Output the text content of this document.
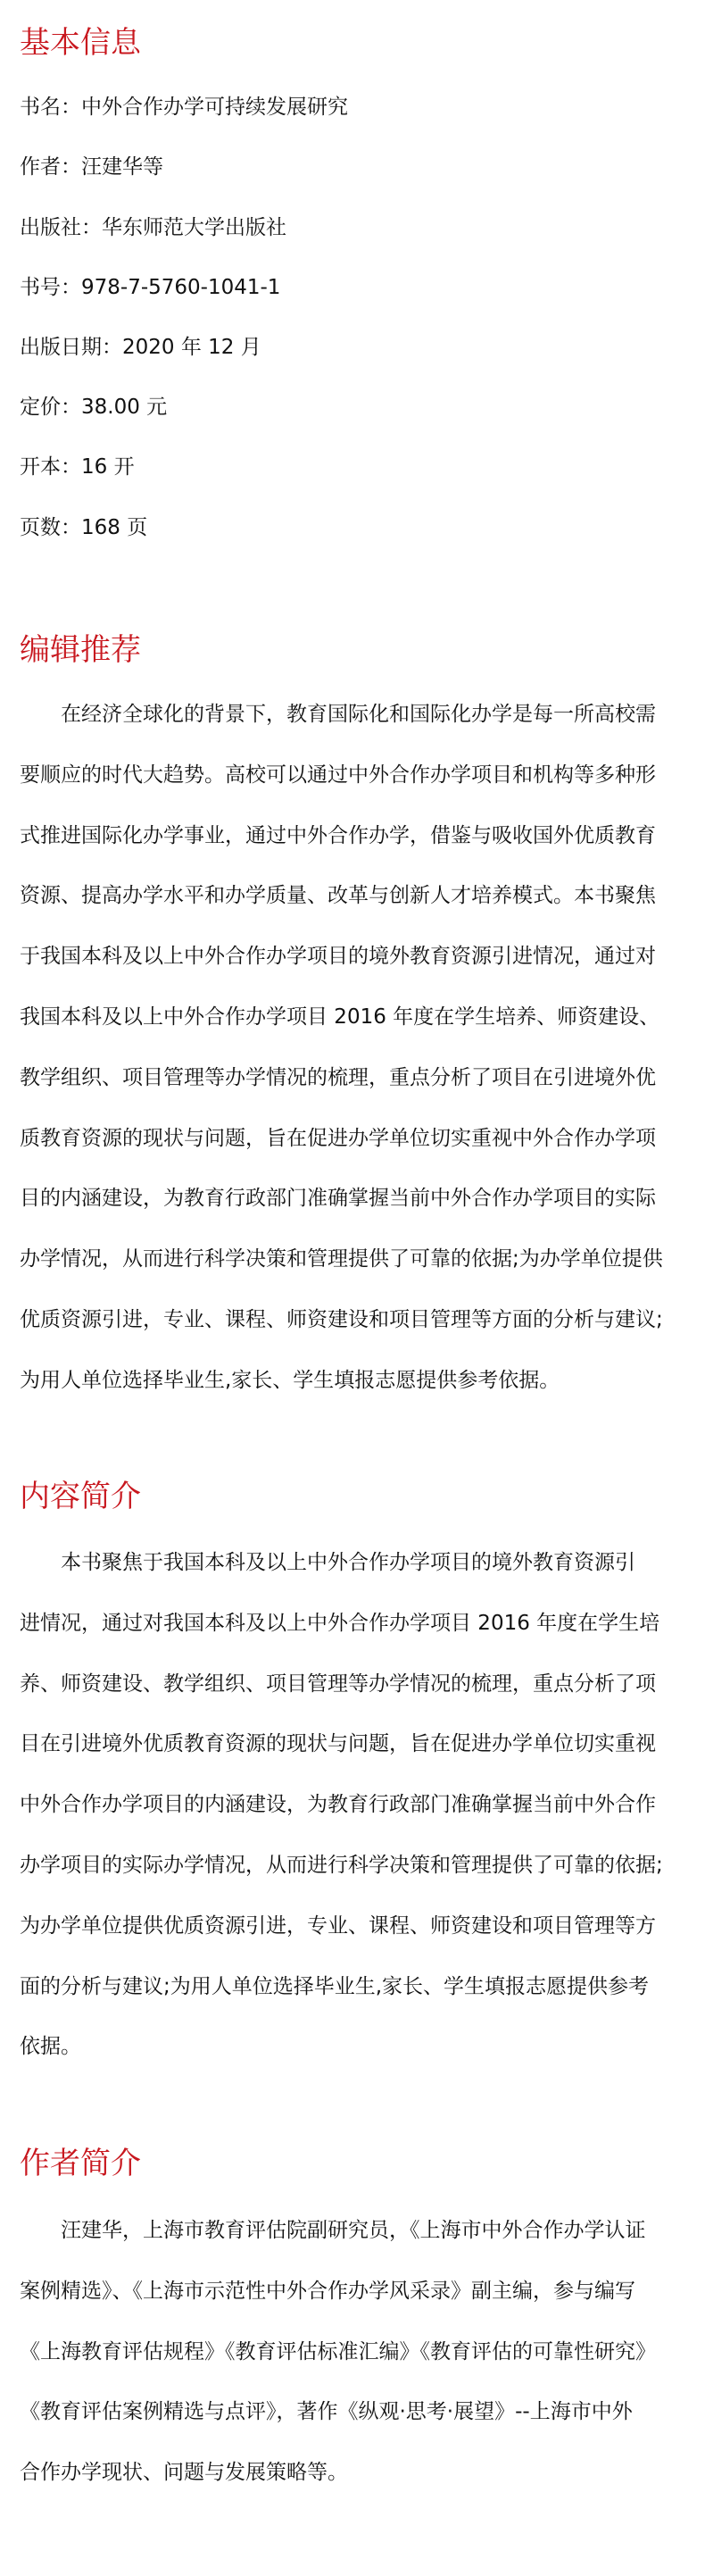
基本信息

书名：中外合作办学可持续发展研究

作者：汪建华等

出版社：华东师范大学出版社

书号：978-7-5760-1041-1

出版日期：2020 年 12 月

定价：38.00 元

开本：16 开

页数：168 页

编辑推荐
在经济全球化的背景下，教育国际化和国际化办学是每一所高校需
要顺应的时代大趋势。高校可以通过中外合作办学项目和机构等多种形
式推进国际化办学事业，通过中外合作办学，借鉴与吸收国外优质教育
资源、提高办学水平和办学质量、改革与创新人才培养模式。本书聚焦
于我国本科及以上中外合作办学项目的境外教育资源引进情况，通过对
我国本科及以上中外合作办学项目 2016 年度在学生培养、师资建设、
教学组织、项目管理等办学情况的梳理，重点分析了项目在引进境外优
质教育资源的现状与问题，旨在促进办学单位切实重视中外合作办学项
目的内涵建设，为教育行政部门准确掌握当前中外合作办学项目的实际
办学情况，从而进行科学决策和管理提供了可靠的依据;为办学单位提供
优质资源引进，专业、课程、师资建设和项目管理等方面的分析与建议;
为用人单位选择毕业生,家长、学生填报志愿提供参考依据。
内容简介
本书聚焦于我国本科及以上中外合作办学项目的境外教育资源引
进情况，通过对我国本科及以上中外合作办学项目 2016 年度在学生培
养、师资建设、教学组织、项目管理等办学情况的梳理，重点分析了项
目在引进境外优质教育资源的现状与问题，旨在促进办学单位切实重视
中外合作办学项目的内涵建设，为教育行政部门准确掌握当前中外合作
办学项目的实际办学情况，从而进行科学决策和管理提供了可靠的依据;
为办学单位提供优质资源引进，专业、课程、师资建设和项目管理等方
面的分析与建议;为用人单位选择毕业生,家长、学生填报志愿提供参考
依据。
作者简介
汪建华，上海市教育评估院副研究员，《上海市中外合作办学认证
案例精选》、《上海市示范性中外合作办学风采录》副主编，参与编写
《上海教育评估规程》《教育评估标准汇编》《教育评估的可靠性研究》
《教育评估案例精选与点评》，著作《纵观·思考·展望》--上海市中外
合作办学现状、问题与发展策略等。
